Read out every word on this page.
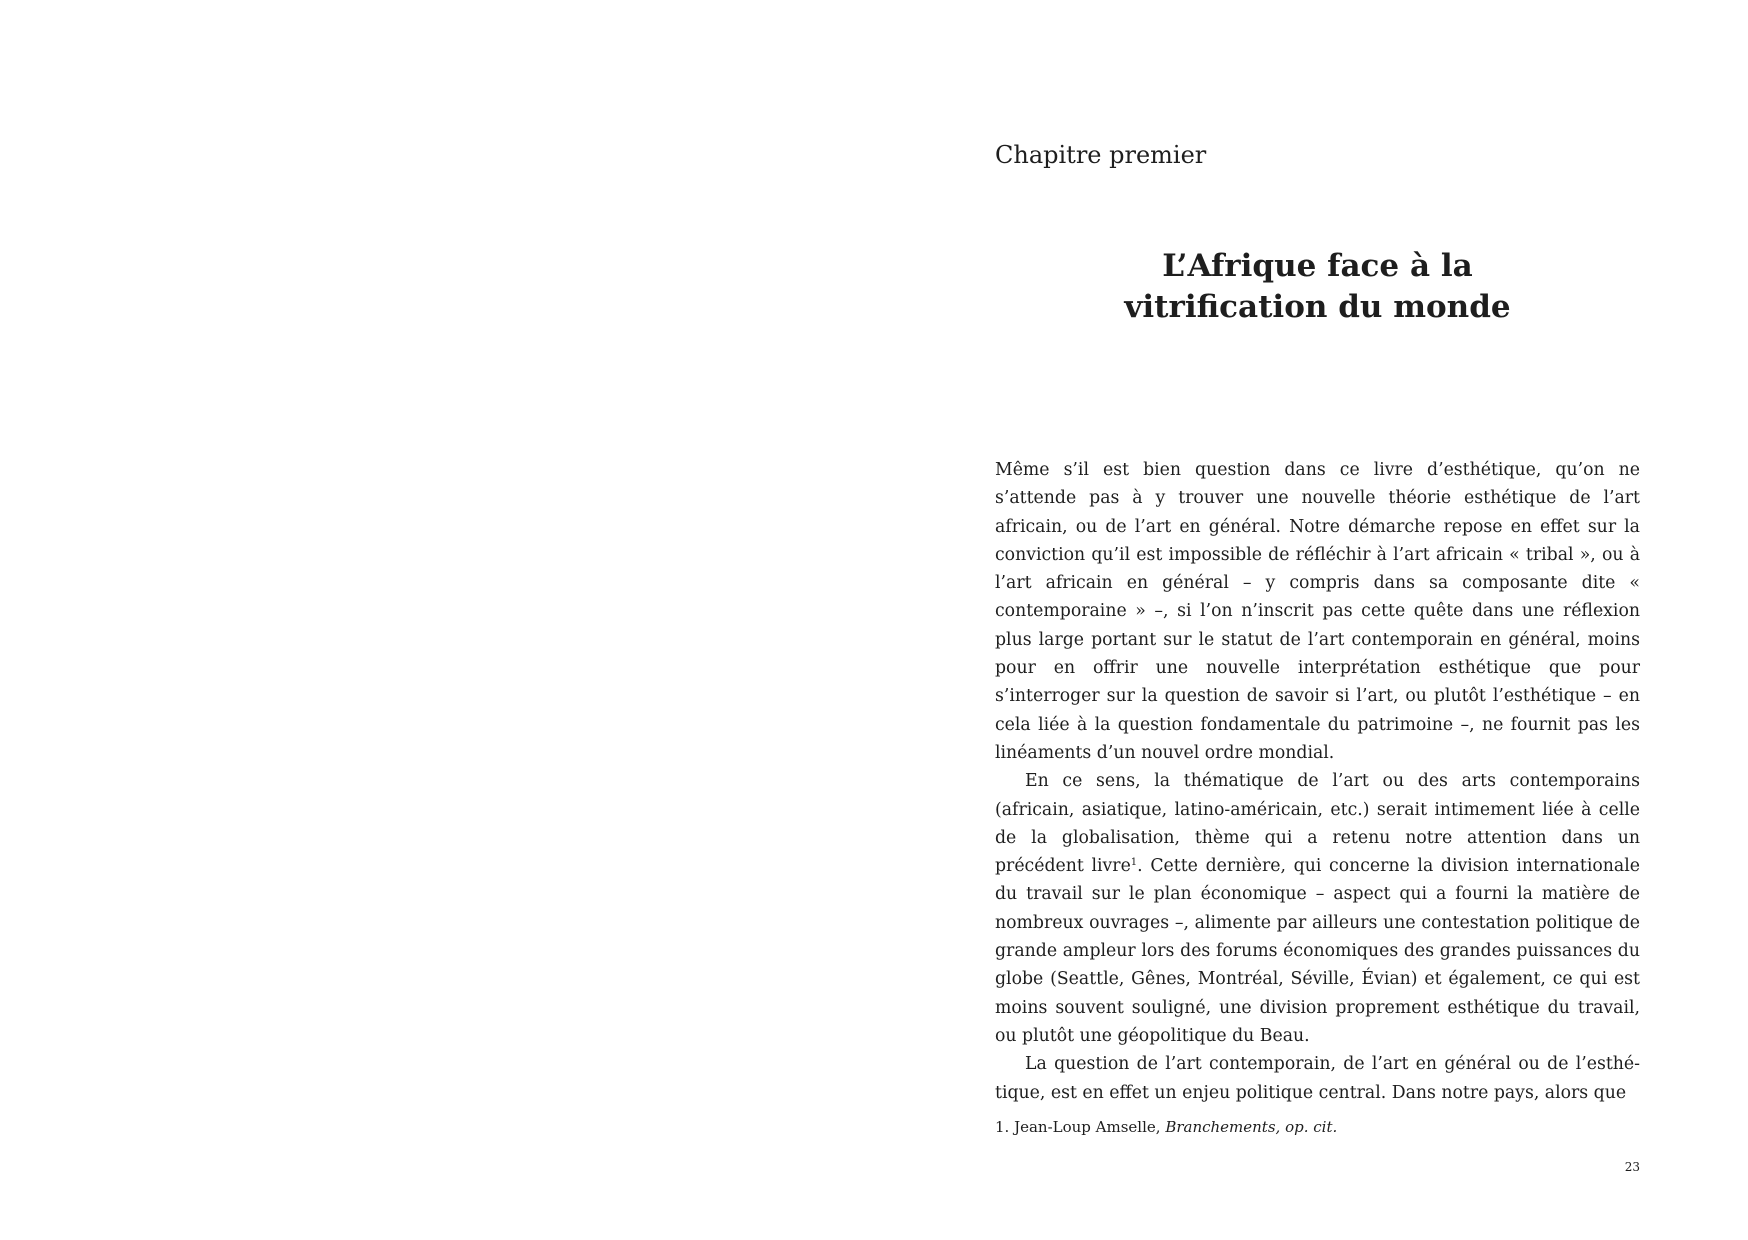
Chapitre premier
L’Afrique face à la
vitrification du monde

Même s’il est bien question dans ce livre d’esthétique, qu’on ne s’attende pas à y trouver une nouvelle théorie esthétique de l’art africain, ou de l’art en général. Notre démarche repose en effet sur la conviction qu’il est impossible de réfléchir à l’art africain « tribal », ou à l’art africain en général – y compris dans sa composante dite « contemporaine » –, si l’on n’inscrit pas cette quête dans une réflexion plus large portant sur le statut de l’art contemporain en général, moins pour en offrir une nouvelle interprétation esthétique que pour s’interroger sur la question de savoir si l’art, ou plutôt l’esthétique – en cela liée à la question fondamentale du patrimoine –, ne fournit pas les linéaments d’un nouvel ordre mondial.

En ce sens, la thématique de l’art ou des arts contemporains (africain, asiatique, latino-américain, etc.) serait intimement liée à celle de la globalisation, thème qui a retenu notre attention dans un précédent livre$^1$. Cette dernière, qui concerne la division internationale du travail sur le plan économique – aspect qui a fourni la matière de nombreux ouvrages –, alimente par ailleurs une contestation politique de grande ampleur lors des forums économiques des grandes puissances du globe (Seattle, Gênes, Montréal, Séville, Évian) et également, ce qui est moins souvent souligné, une division proprement esthétique du travail, ou plutôt une géopolitique du Beau.

La question de l’art contemporain, de l’art en général ou de l’esthétique, est en effet un enjeu politique central. Dans notre pays, alors que

1. Jean-Loup Amselle, Branchements, op. cit.

23
